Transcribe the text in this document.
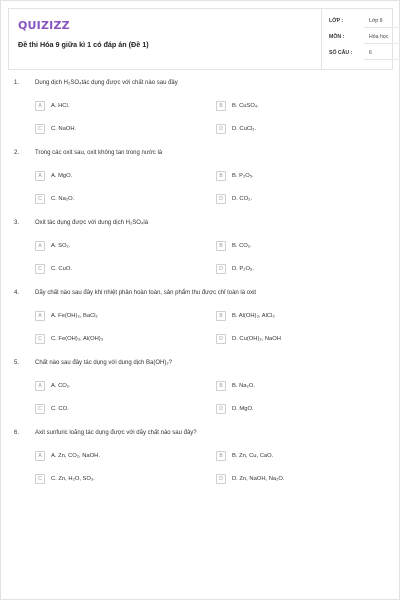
QUIZIZZ
Đề thi Hóa 9 giữa kì 1 có đáp án (Đề 1)
LỚP :	Lớp 9
MÔN :	Hóa học
SỐ CÂU :	6
1.	Dung dịch H₂SO₄tác dụng được với chất nào sau đây
A	A. HCl.	B	B. CuSO₄.
C	C. NaOH.	D	D. CuCl₂.
2.	Trong các oxit sau, oxit không tan trong nước là
A	A. MgO.	B	B. P₂O₅.
C	C. Na₂O.	D	D. CO₂.
3.	Oxit tác dụng được với dung dịch H₂SO₄là
A	A. SO₂.	B	B. CO₂.
C	C. CuO.	D	D. P₂O₅.
4.	Dãy chất nào sau đây khi nhiệt phân hoàn toàn, sản phẩm thu được chỉ toàn là oxit
A	A. Fe(OH)₃, BaCl₂	B	B. Al(OH)₃, AlCl₃
C	C. Fe(OH)₃, Al(OH)₃	D	D. Cu(OH)₂, NaOH
5.	Chất nào sau đây tác dụng với dung dịch Ba(OH)₂?
A	A. CO₂.	B	B. Na₂O.
C	C. CO.	D	D. MgO.
6.	Axit sunfuric loãng tác dụng được với dãy chất nào sau đây?
A	A. Zn, CO₂, NaOH.	B	B. Zn, Cu, CaO.
C	C. Zn, H₂O, SO₃.	D	D. Zn, NaOH, Na₂O.
